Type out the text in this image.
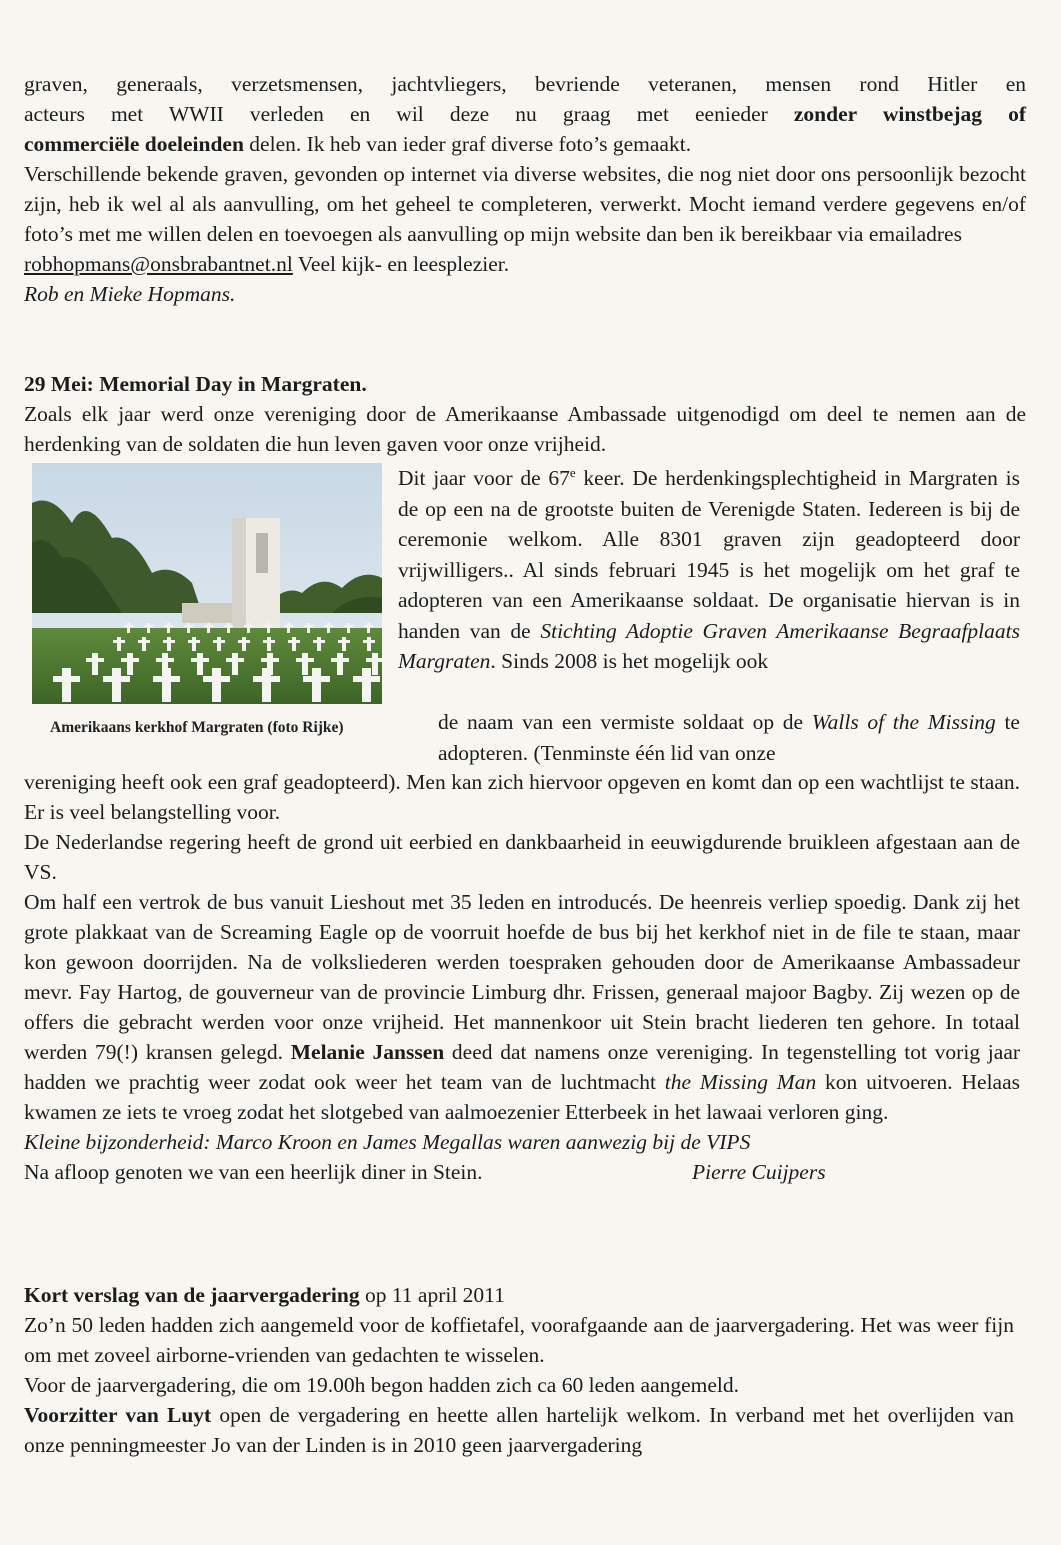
graven, generaals, verzetsmensen, jachtvliegers, bevriende veteranen, mensen rond Hitler en

acteurs met WWII verleden en wil deze nu graag met eenieder zonder winstbejag of

commerciële doeleinden delen. Ik heb van ieder graf diverse foto’s gemaakt.

Verschillende bekende graven, gevonden op internet via diverse websites, die nog niet door ons persoonlijk bezocht zijn, heb ik wel al als aanvulling, om het geheel te completeren, verwerkt. Mocht iemand verdere gegevens en/of foto’s met me willen delen en toevoegen als aanvulling op mijn website dan ben ik bereikbaar via emailadres
robhopmans@onsbrabantnet.nl Veel kijk- en leesplezier.

Rob en Mieke Hopmans.

29 Mei: Memorial Day in Margraten.

Zoals elk jaar werd onze vereniging door de Amerikaanse Ambassade uitgenodigd om deel te nemen aan de herdenking van de soldaten die hun leven gaven voor onze vrijheid.

Dit jaar voor de 67e keer. De herdenkingsplechtigheid in Margraten is de op een na de grootste buiten de Verenigde Staten. Iedereen is bij de ceremonie welkom. Alle 8301 graven zijn geadopteerd door vrijwilligers.. Al sinds februari 1945 is het mogelijk om het graf te adopteren van een Amerikaanse soldaat. De organisatie hiervan is in handen van de Stichting Adoptie Graven Amerikaanse Begraafplaats Margraten. Sinds 2008 is het mogelijk ook

de naam van een vermiste soldaat op de Walls of the Missing te adopteren. (Tenminste één lid van onze

Amerikaans kerkhof Margraten (foto Rijke)

vereniging heeft ook een graf geadopteerd). Men kan zich hiervoor opgeven en komt dan op een wachtlijst te staan. Er is veel belangstelling voor.

De Nederlandse regering heeft de grond uit eerbied en dankbaarheid in eeuwigdurende bruikleen afgestaan aan de VS.

Om half een vertrok de bus vanuit Lieshout met 35 leden en introducés. De heenreis verliep spoedig. Dank zij het grote plakkaat van de Screaming Eagle op de voorruit hoefde de bus bij het kerkhof niet in de file te staan, maar kon gewoon doorrijden. Na de volksliederen werden toespraken gehouden door de Amerikaanse Ambassadeur mevr. Fay Hartog, de gouverneur van de provincie Limburg dhr. Frissen, generaal majoor Bagby. Zij wezen op de offers die gebracht werden voor onze vrijheid. Het mannenkoor uit Stein bracht liederen ten gehore. In totaal werden 79(!) kransen gelegd. Melanie Janssen deed dat namens onze vereniging. In tegenstelling tot vorig jaar hadden we prachtig weer zodat ook weer het team van de luchtmacht the Missing Man kon uitvoeren. Helaas kwamen ze iets te vroeg zodat het slotgebed van aalmoezenier Etterbeek in het lawaai verloren ging.

Kleine bijzonderheid: Marco Kroon en James Megallas waren aanwezig bij de VIPS

Na afloop genoten we van een heerlijk diner in Stein.	Pierre Cuijpers

Kort verslag van de jaarvergadering op 11 april 2011

Zo’n 50 leden hadden zich aangemeld voor de koffietafel, voorafgaande aan de jaarvergadering. Het was weer fijn om met zoveel airborne-vrienden van gedachten te wisselen.

Voor de jaarvergadering, die om 19.00h begon hadden zich ca 60 leden aangemeld.

Voorzitter van Luyt open de vergadering en heette allen hartelijk welkom. In verband met het overlijden van onze penningmeester Jo van der Linden is in 2010 geen jaarvergadering
